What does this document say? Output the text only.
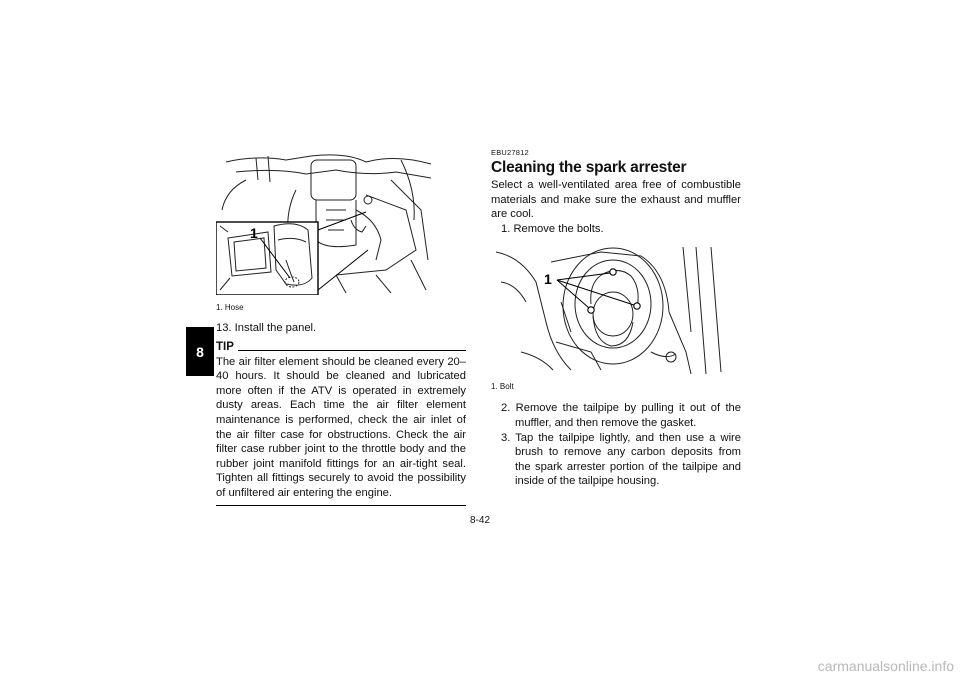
8
1
1. Hose
13. Install the panel.
TIP
The air filter element should be cleaned every 20–40 hours. It should be cleaned and lubricated more often if the ATV is operated in extremely dusty areas. Each time the air filter element maintenance is performed, check the air inlet of the air filter case for obstructions. Check the air filter case rubber joint to the throttle body and the rubber joint manifold fittings for an air-tight seal. Tighten all fittings securely to avoid the possibility of unfiltered air entering the engine.
EBU27812
Cleaning the spark arrester
Select a well-ventilated area free of combustible materials and make sure the exhaust and muffler are cool.
1. Remove the bolts.
1
1. Bolt
2. Remove the tailpipe by pulling it out of the muffler, and then remove the gasket.
3. Tap the tailpipe lightly, and then use a wire brush to remove any carbon deposits from the spark arrester portion of the tailpipe and inside of the tailpipe housing.
8-42
carmanualsonline.info
